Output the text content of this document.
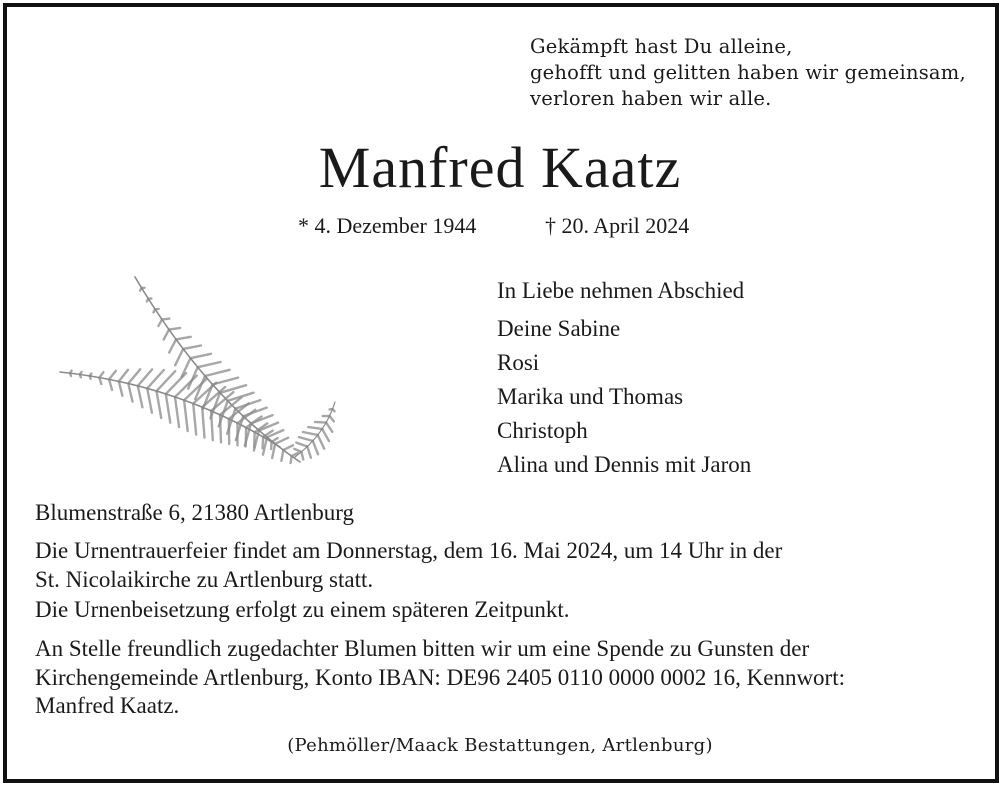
Gekämpft hast Du alleine,
gehofft und gelitten haben wir gemeinsam,
verloren haben wir alle.
Manfred Kaatz
* 4. Dezember 1944	† 20. April 2024
In Liebe nehmen Abschied
Deine Sabine
Rosi
Marika und Thomas
Christoph
Alina und Dennis mit Jaron
Blumenstraße 6, 21380 Artlenburg
Die Urnentrauerfeier findet am Donnerstag, dem 16. Mai 2024, um 14 Uhr in der
St. Nicolaikirche zu Artlenburg statt.
Die Urnenbeisetzung erfolgt zu einem späteren Zeitpunkt.
An Stelle freundlich zugedachter Blumen bitten wir um eine Spende zu Gunsten der
Kirchengemeinde Artlenburg, Konto IBAN: DE96 2405 0110 0000 0002 16, Kennwort:
Manfred Kaatz.
(Pehmöller/Maack Bestattungen, Artlenburg)
